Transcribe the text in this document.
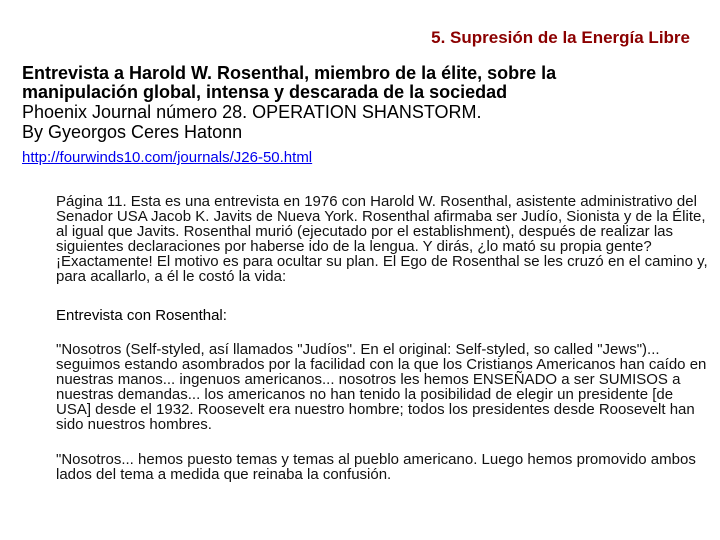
5. Supresión de la Energía Libre

Entrevista a Harold W. Rosenthal, miembro de la élite, sobre la

manipulación global, intensa y descarada de la sociedad

Phoenix Journal número 28. OPERATION SHANSTORM.

By Gyeorgos Ceres Hatonn

http://fourwinds10.com/journals/J26-50.html

Página 11. Esta es una entrevista en 1976 con Harold W. Rosenthal, asistente administrativo del Senador USA Jacob K. Javits de Nueva York. Rosenthal afirmaba ser Judío, Sionista y de la Élite, al igual que Javits. Rosenthal murió (ejecutado por el establishment), después de realizar las siguientes declaraciones por haberse ido de la lengua. Y dirás, ¿lo mató su propia gente? ¡Exactamente! El motivo es para ocultar su plan. El Ego de Rosenthal se les cruzó en el camino y, para acallarlo, a él le costó la vida:

Entrevista con Rosenthal:

"Nosotros (Self-styled, así llamados "Judíos". En el original: Self-styled, so called "Jews")... seguimos estando asombrados por la facilidad con la que los Cristianos Americanos han caído en nuestras manos... ingenuos americanos... nosotros les hemos ENSEÑADO a ser SUMISOS a nuestras demandas... los americanos no han tenido la posibilidad de elegir un presidente [de USA] desde el 1932. Roosevelt era nuestro hombre; todos los presidentes desde Roosevelt han sido nuestros hombres.

"Nosotros... hemos puesto temas y temas al pueblo americano. Luego hemos promovido ambos lados del tema a medida que reinaba la confusión.
